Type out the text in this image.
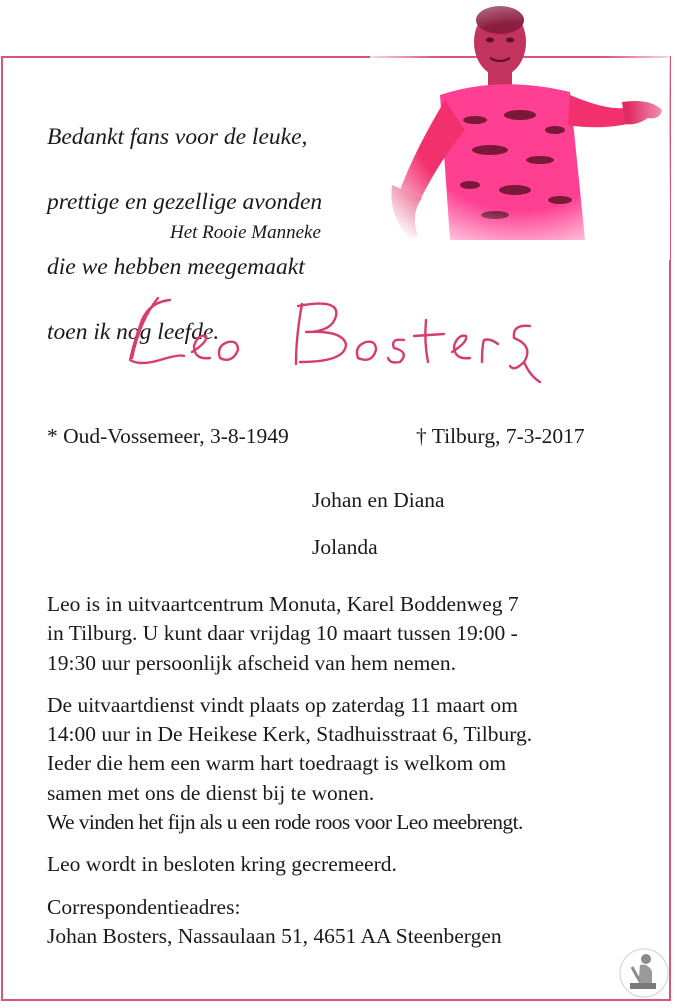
Bedankt fans voor de leuke,

prettige en gezellige avonden

die we hebben meegemaakt

toen ik nog leefde.

Het Rooie Manneke
* Oud-Vossemeer, 3-8-1949	† Tilburg, 7-3-2017
Johan en Diana
Jolanda

Leo is in uitvaartcentrum Monuta, Karel Boddenweg 7
in Tilburg. U kunt daar vrijdag 10 maart tussen 19:00 -
19:30 uur persoonlijk afscheid van hem nemen.

De uitvaartdienst vindt plaats op zaterdag 11 maart om
14:00 uur in De Heikese Kerk, Stadhuisstraat 6, Tilburg.
Ieder die hem een warm hart toedraagt is welkom om
samen met ons de dienst bij te wonen.
We vinden het fijn als u een rode roos voor Leo meebrengt.

Leo wordt in besloten kring gecremeerd.

Correspondentieadres:
Johan Bosters, Nassaulaan 51, 4651 AA Steenbergen
